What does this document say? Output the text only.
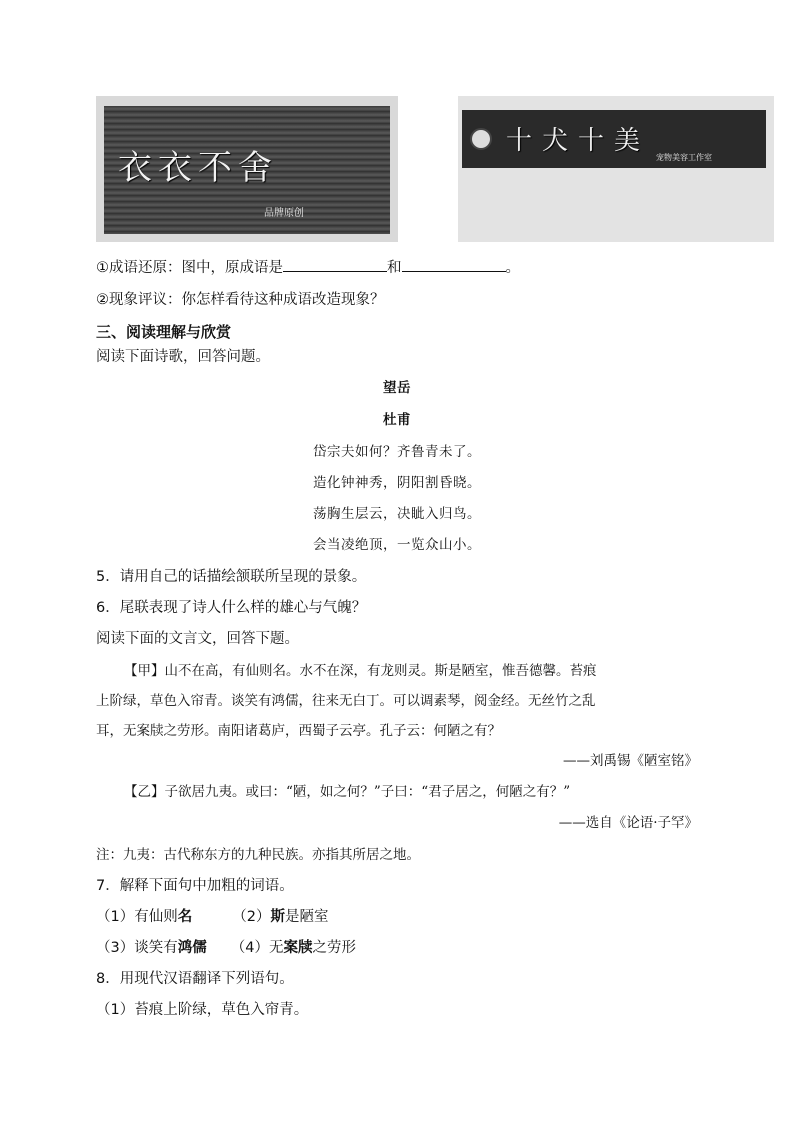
衣衣不舍
品牌原创
十犬十美
宠物美容工作室
①成语还原：图中，原成语是	和	。
②现象评议：你怎样看待这种成语改造现象？
三、阅读理解与欣赏
阅读下面诗歌，回答问题。
望岳
杜甫
岱宗夫如何？齐鲁青未了。
造化钟神秀，阴阳割昏晓。
荡胸生层云，决眦入归鸟。
会当凌绝顶，一览众山小。
5．请用自己的话描绘颔联所呈现的景象。
6．尾联表现了诗人什么样的雄心与气魄？
阅读下面的文言文，回答下题。
【甲】山不在高，有仙则名。水不在深，有龙则灵。斯是陋室，惟吾德馨。苔痕
上阶绿，草色入帘青。谈笑有鸿儒，往来无白丁。可以调素琴，阅金经。无丝竹之乱
耳，无案牍之劳形。南阳诸葛庐，西蜀子云亭。孔子云：何陋之有？
——刘禹锡《陋室铭》
【乙】子欲居九夷。或曰：“陋，如之何？”子曰：“君子居之，何陋之有？”
——选自《论语·子罕》
注：九夷：古代称东方的九种民族。亦指其所居之地。
7．解释下面句中加粗的词语。
（1）有仙则名	（2）斯是陋室
（3）谈笑有鸿儒 （4）无案牍之劳形
8．用现代汉语翻译下列语句。
（1）苔痕上阶绿，草色入帘青。
